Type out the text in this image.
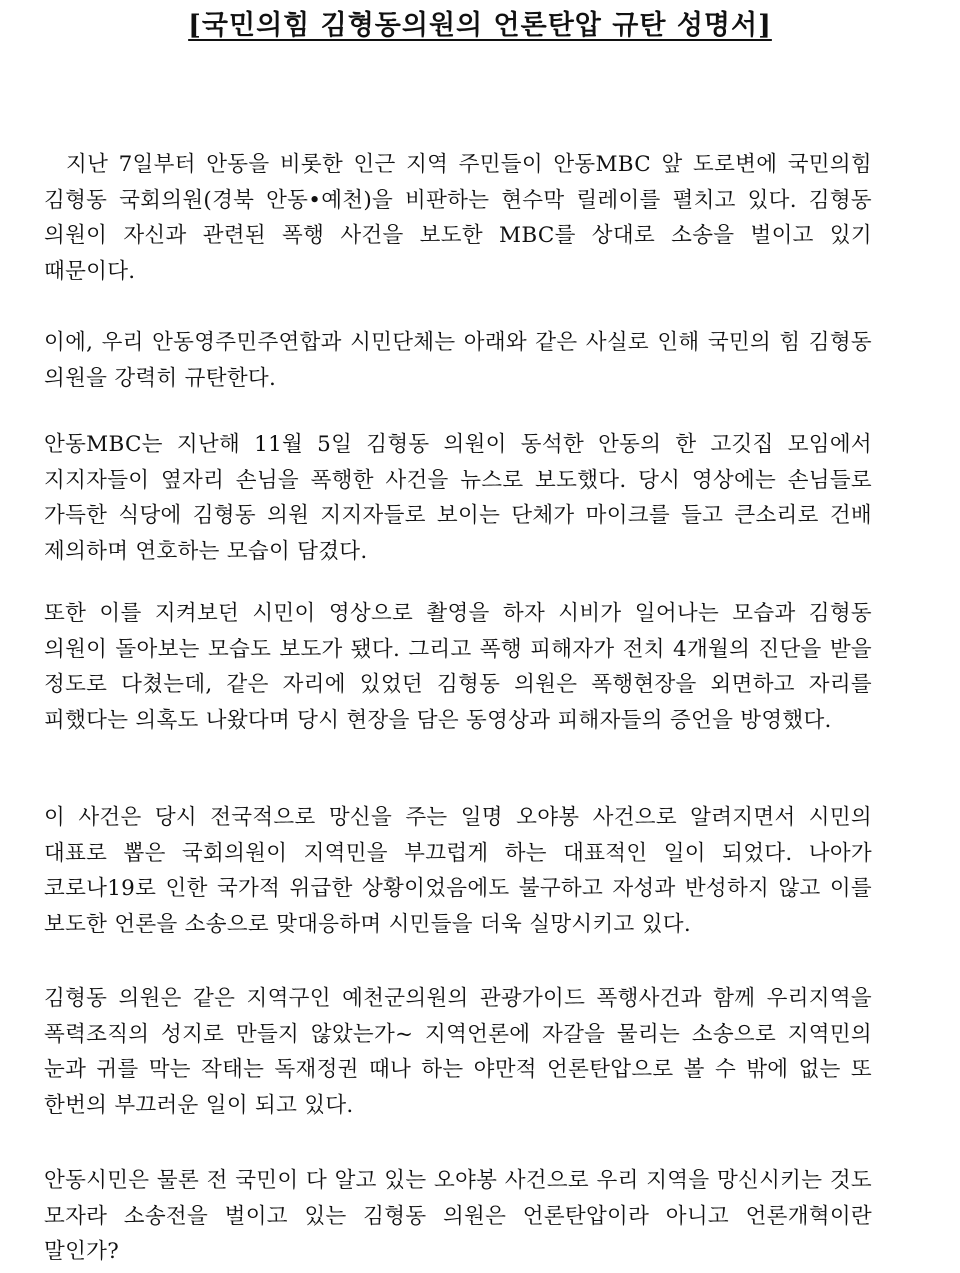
[국민의힘 김형동의원의 언론탄압 규탄 성명서]

지난 7일부터 안동을 비롯한 인근 지역 주민들이 안동MBC 앞 도로변에 국민의힘 김형동 국회의원(경북 안동•예천)을 비판하는 현수막 릴레이를 펼치고 있다. 김형동 의원이 자신과 관련된 폭행 사건을 보도한 MBC를 상대로 소송을 벌이고 있기 때문이다.

이에, 우리 안동영주민주연합과 시민단체는 아래와 같은 사실로 인해 국민의 힘 김형동 의원을 강력히 규탄한다.

안동MBC는 지난해 11월 5일 김형동 의원이 동석한 안동의 한 고깃집 모임에서 지지자들이 옆자리 손님을 폭행한 사건을 뉴스로 보도했다. 당시 영상에는 손님들로 가득한 식당에 김형동 의원 지지자들로 보이는 단체가 마이크를 들고 큰소리로 건배 제의하며 연호하는 모습이 담겼다.

또한 이를 지켜보던 시민이 영상으로 촬영을 하자 시비가 일어나는 모습과 김형동 의원이 돌아보는 모습도 보도가 됐다. 그리고 폭행 피해자가 전치 4개월의 진단을 받을 정도로 다쳤는데, 같은 자리에 있었던 김형동 의원은 폭행현장을 외면하고 자리를 피했다는 의혹도 나왔다며 당시 현장을 담은 동영상과 피해자들의 증언을 방영했다.

이 사건은 당시 전국적으로 망신을 주는 일명 오야봉 사건으로 알려지면서 시민의 대표로 뽑은 국회의원이 지역민을 부끄럽게 하는 대표적인 일이 되었다. 나아가 코로나19로 인한 국가적 위급한 상황이었음에도 불구하고 자성과 반성하지 않고 이를 보도한 언론을 소송으로 맞대응하며 시민들을 더욱 실망시키고 있다.

김형동 의원은 같은 지역구인 예천군의원의 관광가이드 폭행사건과 함께 우리지역을 폭력조직의 성지로 만들지 않았는가~ 지역언론에 자갈을 물리는 소송으로 지역민의 눈과 귀를 막는 작태는 독재정권 때나 하는 야만적 언론탄압으로 볼 수 밖에 없는 또 한번의 부끄러운 일이 되고 있다.

안동시민은 물론 전 국민이 다 알고 있는 오야봉 사건으로 우리 지역을 망신시키는 것도 모자라 소송전을 벌이고 있는 김형동 의원은 언론탄압이라 아니고 언론개혁이란 말인가?
